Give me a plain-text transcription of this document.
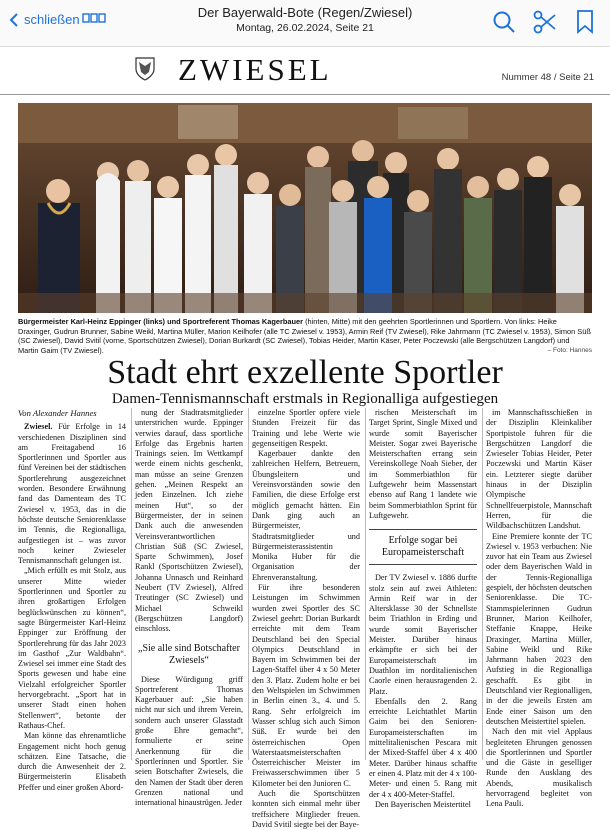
schließen	Der Bayerwald-Bote (Regen/Zwiesel)
Montag, 26.02.2024, Seite 21
ZWIESEL	Nummer 48 / Seite 21
Bürgermeister Karl-Heinz Eppinger (links) und Sportreferent Thomas Kagerbauer (hinten, Mitte) mit den geehrten Sportlerinnen und Sportlern. Von links: Heike Draxinger, Gudrun Brunner, Sabine Weikl, Martina Müller, Marion Keilhofer (alle TC Zwiesel v. 1953), Armin Reif (TV Zwiesel), Rike Jahrmann (TC Zwiesel v. 1953), Simon Süß (SC Zwiesel), David Svitil (vorne, Sportschützen Zwiesel), Dorian Burkardt (SC Zwiesel), Tobias Heider, Martin Käser, Peter Poczewski (alle Bergschützen Langdorf) und Martin Gaim (TV Zwiesel).	– Foto: Hannes
Stadt ehrt exzellente Sportler
Damen-Tennismannschaft erstmals in Regionalliga aufgestiegen
Von Alexander Hannes

Zwiesel. Für Erfolge in 14 verschiedenen Disziplinen sind am Freitagabend 16 Sportlerinnen und Sportler aus fünf Vereinen bei der städtischen Sportlerehrung ausgezeichnet worden. Besondere Erwähnung fand das Damenteam des TC Zwiesel v. 1953, das in die höchste deutsche Seniorenklasse im Tennis, die Regionalliga, aufgestiegen ist – was zuvor noch keiner Zwieseler Tennismannschaft gelungen ist.

„Mich erfüllt es mit Stolz, aus unserer Mitte wieder Sportlerinnen und Sportler zu ihren großartigen Erfolgen beglückwünschen zu können“, sagte Bürgermeister Karl-Heinz Eppinger zur Eröffnung der Sportlerehrung für das Jahr 2023 im Gasthof „Zur Waldbahn“. Zwiesel sei immer eine Stadt des Sports gewesen und habe eine Vielzahl erfolgreicher Sportler hervorgebracht. „Sport hat in unserer Stadt einen hohen Stellenwert“, betonte der Rathaus-Chef.

Man könne das ehrenamtliche Engagement nicht hoch genug schätzen. Eine Tatsache, die durch die Anwesenheit der 2. Bürgermeisterin Elisabeth Pfeffer und einer großen Abord-

nung der Stadtratsmitglieder unterstrichen wurde. Eppinger verwies darauf, dass sportliche Erfolge das Ergebnis harten Trainings seien. Im Wettkampf werde einem nichts geschenkt, man müsse an seine Grenzen gehen. „Meinen Respekt an jeden Einzelnen. Ich ziehe meinen Hut“, so der Bürgermeister, der in seinen Dank auch die anwesenden Vereinsverantwortlichen Christian Süß (SC Zwiesel, Sparte Schwimmen), Josef Rankl (Sportschützen Zwiesel), Johanna Unnasch und Reinhard Neubert (TV Zwiesel), Alfred Treutinger (SC Zwiesel) und Michael Schweikl (Bergschützen Langdorf) einschloss.

„Sie alle sind Botschafter Zwiesels“

Diese Würdigung griff Sportreferent Thomas Kagerbauer auf: „Sie haben nicht nur sich und ihrem Verein, sondern auch unserer Glasstadt große Ehre gemacht“, formulierte er seine Anerkennung für die Sportlerinnen und Sportler. Sie seien Botschafter Zwiesels, die den Namen der Stadt über deren Grenzen national und international hinaustrügen. Jeder

einzelne Sportler opfere viele Stunden Freizeit für das Training und lebe Werte wie gegenseitigen Respekt.

Kagerbauer dankte den zahlreichen Helfern, Betreuern, Übungsleitern und Vereinsvorständen sowie den Familien, die diese Erfolge erst möglich gemacht hätten. Ein Dank ging auch an Bürgermeister, Stadtratsmitglieder und Bürgermeisterassistentin Monika Huber für die Organisation der Ehrenveranstaltung.

Für ihre besonderen Leistungen im Schwimmen wurden zwei Sportler des SC Zwiesel geehrt: Dorian Burkardt erreichte mit dem Team Deutschland bei den Special Olympics Deutschland in Bayern im Schwimmen bei der Lagen-Staffel über 4 x 50 Meter den 3. Platz. Zudem holte er bei den Weltspielen im Schwimmen in Berlin einen 3., 4. und 5. Rang. Sehr erfolgreich im Wasser schlug sich auch Simon Süß. Er wurde bei den österreichischen Open Waterstaatsmeisterschaften Österreichischer Meister im Freiwasserschwimmen über 5 Kilometer bei den Junioren C.

Auch die Sportschützen konnten sich einmal mehr über treffsichere Mitglieder freuen. David Svitil siegte bei der Baye-

rischen Meisterschaft im Target Sprint, Single Mixed und wurde somit Bayerischer Meister. Sogar zwei Bayerische Meisterschaften errang sein Vereinskollege Noah Sieber, der im Sommerbiathlon für Luftgewehr beim Massenstart ebenso auf Rang 1 landete wie beim Sommerbiathlon Sprint für Luftgewehr.

Erfolge sogar bei Europameisterschaft

Der TV Zwiesel v. 1886 durfte stolz sein auf zwei Athleten: Armin Reif war in der Altersklasse 30 der Schnellste beim Triathlon in Erding und wurde somit Bayerischer Meister. Darüber hinaus erkämpfte er sich bei der Europameisterschaft im Duathlon im norditalienischen Caorle einen herausragenden 2. Platz.

Ebenfalls den 2. Rang erreichte Leichtathlet Martin Gaim bei den Senioren-Europameisterschaften im mittelitalienischen Pescara mit der Mixed-Staffel über 4 x 400 Meter. Darüber hinaus schaffte er einen 4. Platz mit der 4 x 100-Meter- und einen 5. Rang mit der 4 x 400-Meter-Staffel.

Den Bayerischen Meistertitel

im Mannschaftsschießen in der Disziplin Kleinkaliber Sportpistole fuhren für die Bergschützen Langdorf die Zwieseler Tobias Heider, Peter Poczewski und Martin Käser ein. Letzterer siegte darüber hinaus in der Disziplin Olympische Schnellfeuerpistole, Mannschaft Herren, für die Wildbachschützen Landshut.

Eine Premiere konnte der TC Zwiesel v. 1953 verbuchen: Nie zuvor hat ein Team aus Zwiesel oder dem Bayerischen Wald in der Tennis-Regionalliga gespielt, der höchsten deutschen Seniorenklasse. Die TC-Stammspielerinnen Gudrun Brunner, Marion Keilhofer, Steffanie Knappe, Heike Draxinger, Martina Müller, Sabine Weikl und Rike Jahrmann haben 2023 den Aufstieg in die Regionalliga geschafft. Es gibt in Deutschland vier Regionalligen, in der die jeweils Ersten am Ende einer Saison um den deutschen Meistertitel spielen.

Nach den mit viel Applaus begleiteten Ehrungen genossen die Sportlerinnen und Sportler und die Gäste in geselliger Runde den Ausklang des Abends, musikalisch hervorragend begleitet von Lena Pauli.
